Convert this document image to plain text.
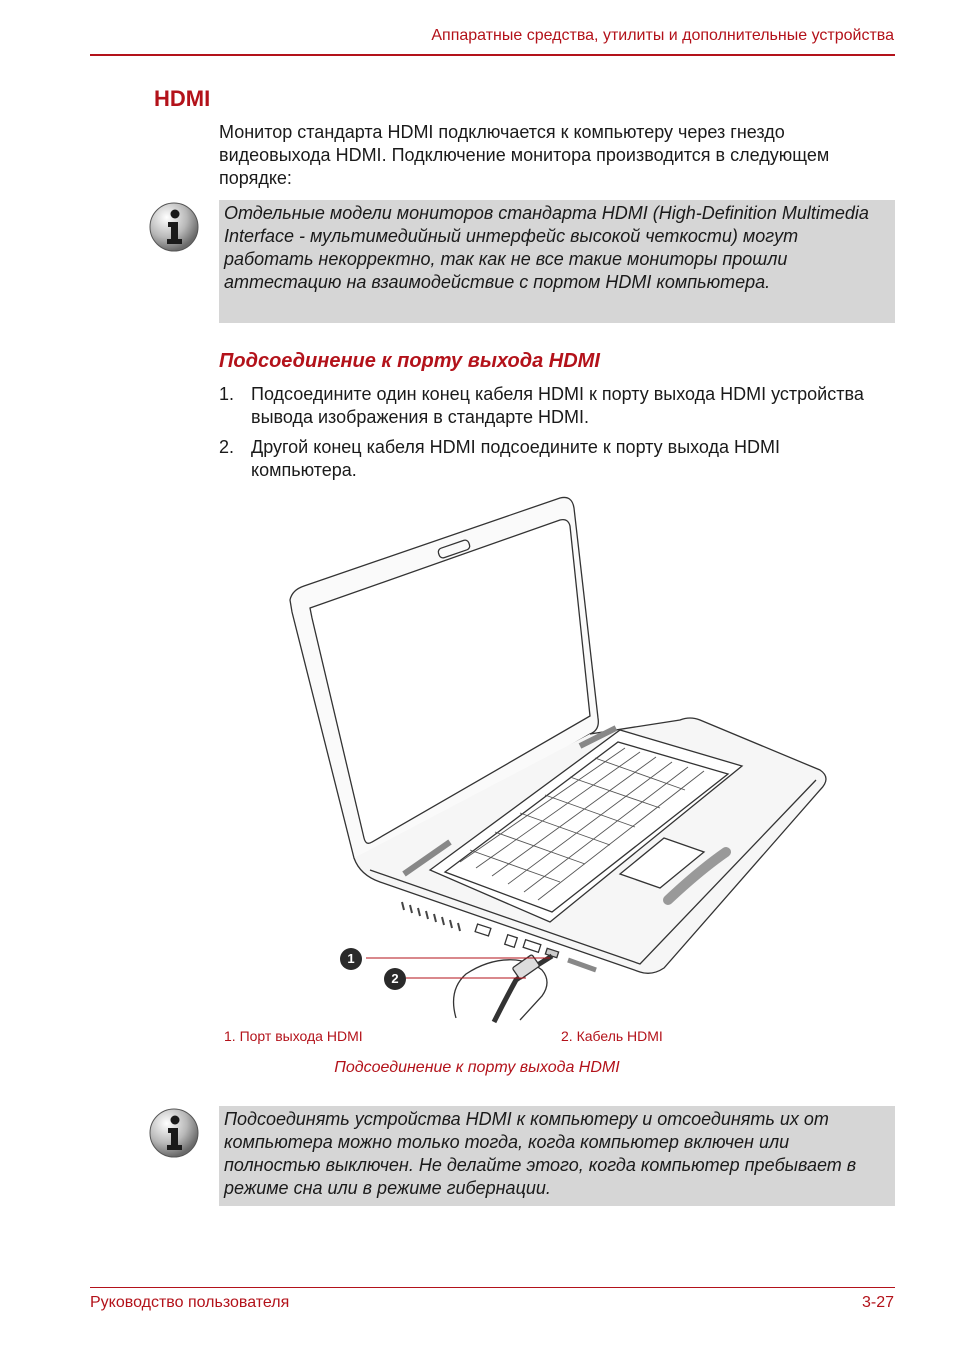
Аппаратные средства, утилиты и дополнительные устройства
HDMI
Монитор стандарта HDMI подключается к компьютеру через гнездо видеовыхода HDMI. Подключение монитора производится в следующем порядке:
Отдельные модели мониторов стандарта HDMI (High-Definition Multimedia Interface - мультимедийный интерфейс высокой четкости) могут работать некорректно, так как не все такие мониторы прошли аттестацию на взаимодействие с портом HDMI компьютера.
Подсоединение к порту выхода HDMI
1. Подсоедините один конец кабеля HDMI к порту выхода HDMI устройства вывода изображения в стандарте HDMI.
2. Другой конец кабеля HDMI подсоедините к порту выхода HDMI компьютера.
1
2
1. Порт выхода HDMI	2. Кабель HDMI
Подсоединение к порту выхода HDMI
Подсоединять устройства HDMI к компьютеру и отсоединять их от компьютера можно только тогда, когда компьютер включен или полностью выключен. Не делайте этого, когда компьютер пребывает в режиме сна или в режиме гибернации.
Руководство пользователя	3-27
